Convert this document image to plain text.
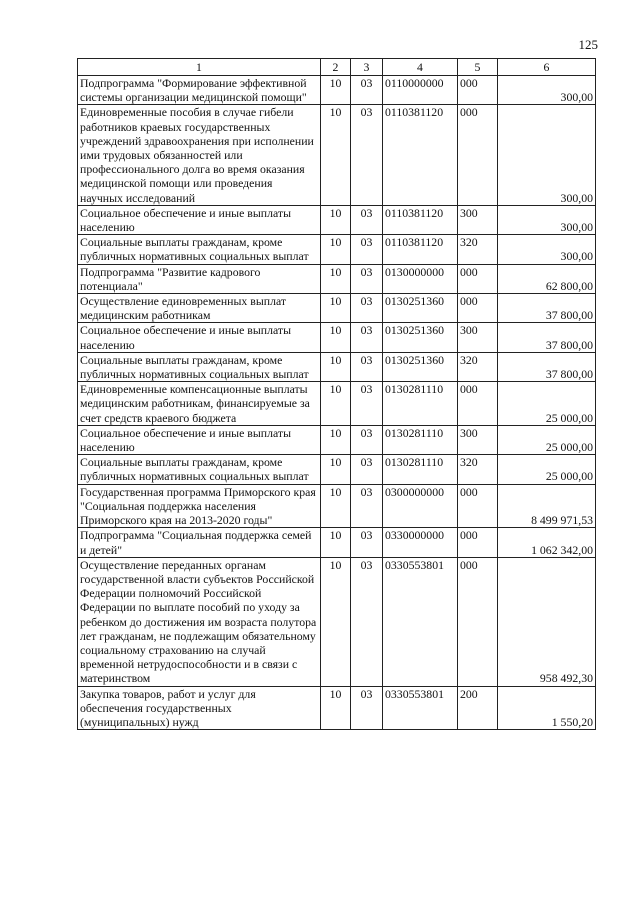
125
1	2	3	4	5	6
Подпрограмма "Формирование эффективной системы организации медицинской помощи"	10	03	0110000000	000	300,00
Единовременные пособия в случае гибели работников краевых государственных учреждений здравоохранения при исполнении ими трудовых обязанностей или профессионального долга во время оказания медицинской помощи или проведения научных исследований	10	03	0110381120	000	300,00
Социальное обеспечение и иные выплаты населению	10	03	0110381120	300	300,00
Социальные выплаты гражданам, кроме публичных нормативных социальных выплат	10	03	0110381120	320	300,00
Подпрограмма "Развитие кадрового потенциала"	10	03	0130000000	000	62 800,00
Осуществление единовременных выплат медицинским работникам	10	03	0130251360	000	37 800,00
Социальное обеспечение и иные выплаты населению	10	03	0130251360	300	37 800,00
Социальные выплаты гражданам, кроме публичных нормативных социальных выплат	10	03	0130251360	320	37 800,00
Единовременные компенсационные выплаты медицинским работникам, финансируемые за счет средств краевого бюджета	10	03	0130281110	000	25 000,00
Социальное обеспечение и иные выплаты населению	10	03	0130281110	300	25 000,00
Социальные выплаты гражданам, кроме публичных нормативных социальных выплат	10	03	0130281110	320	25 000,00
Государственная программа Приморского края "Социальная поддержка населения Приморского края на 2013-2020 годы"	10	03	0300000000	000	8 499 971,53
Подпрограмма "Социальная поддержка семей и детей"	10	03	0330000000	000	1 062 342,00
Осуществление переданных органам государственной власти субъектов Российской Федерации полномочий Российской Федерации по выплате пособий по уходу за ребенком до достижения им возраста полутора лет гражданам, не подлежащим обязательному социальному страхованию на случай временной нетрудоспособности и в связи с материнством	10	03	0330553801	000	958 492,30
Закупка товаров, работ и услуг для обеспечения государственных (муниципальных) нужд	10	03	0330553801	200	1 550,20
